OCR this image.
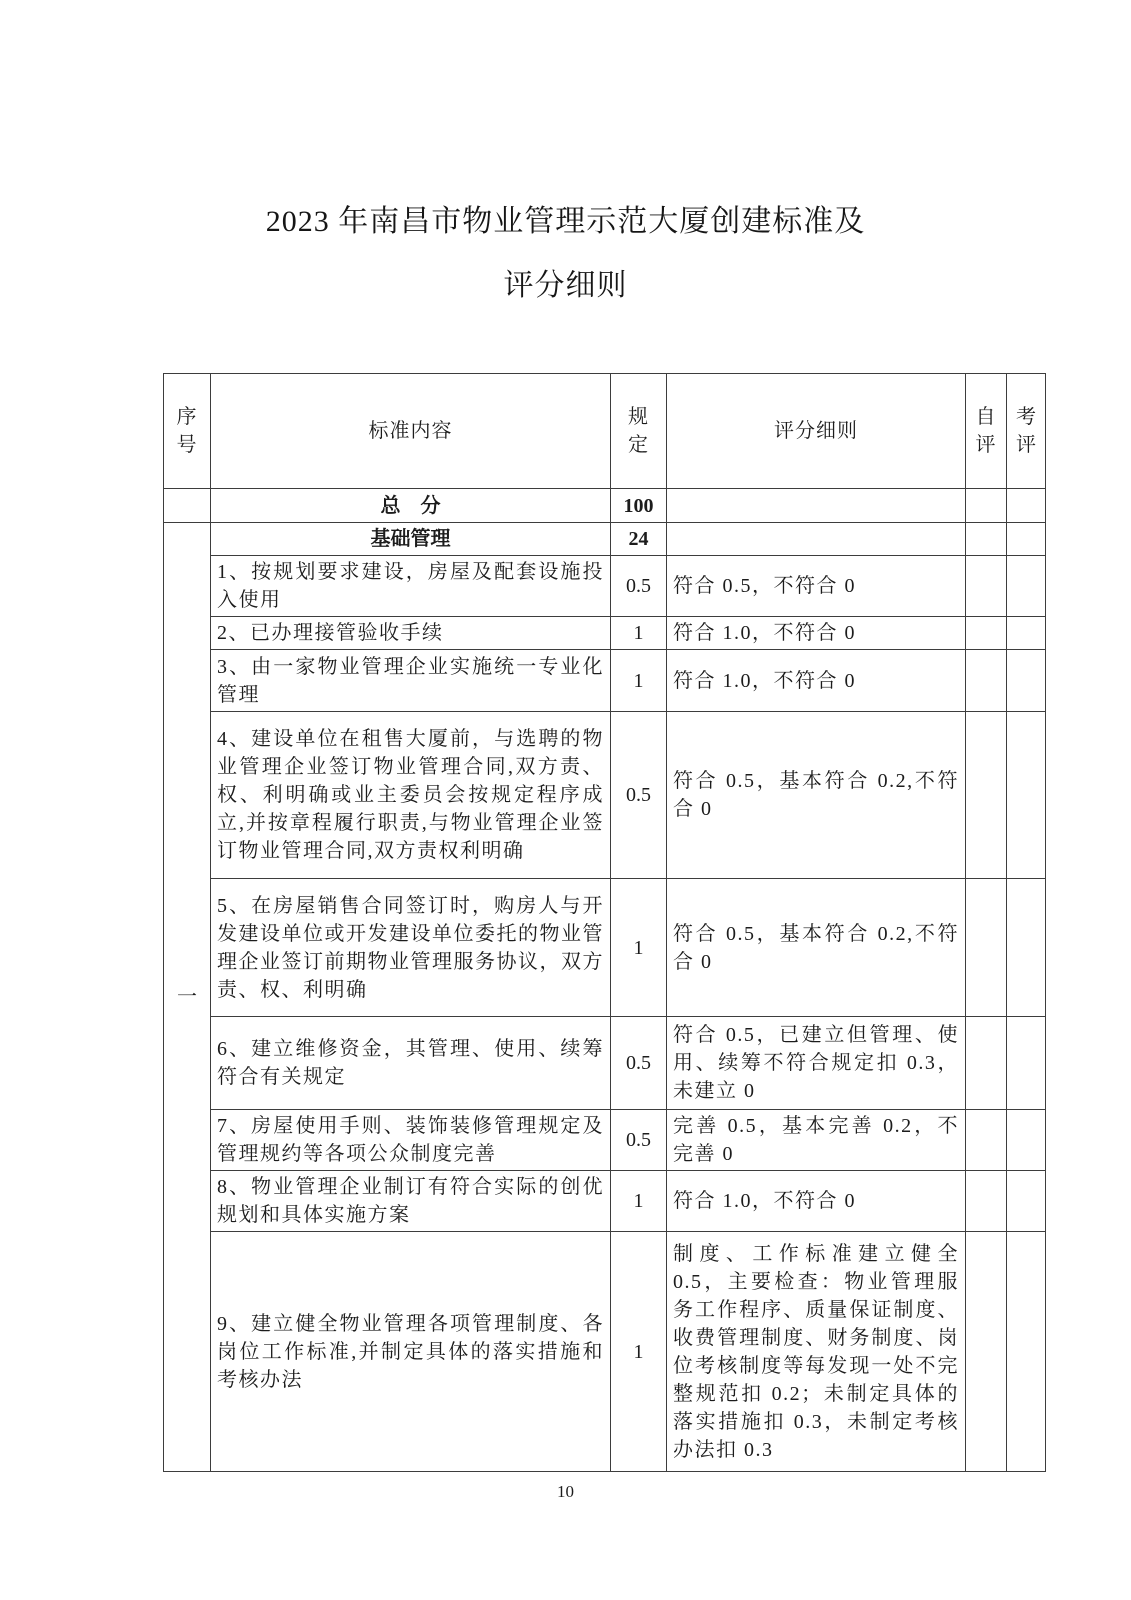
2023 年南昌市物业管理示范大厦创建标准及
评分细则
序号	标准内容	规定	评分细则	自评	考评
	总　分	100			
一	基础管理	24			
	1、按规划要求建设，房屋及配套设施投入使用	0.5	符合 0.5，不符合 0		
	2、已办理接管验收手续	1	符合 1.0，不符合 0		
	3、由一家物业管理企业实施统一专业化管理	1	符合 1.0，不符合 0		
	4、建设单位在租售大厦前，与选聘的物业管理企业签订物业管理合同,双方责、权、利明确或业主委员会按规定程序成立,并按章程履行职责,与物业管理企业签订物业管理合同,双方责权利明确	0.5	符合 0.5，基本符合 0.2,不符合 0		
	5、在房屋销售合同签订时，购房人与开发建设单位或开发建设单位委托的物业管理企业签订前期物业管理服务协议，双方责、权、利明确	1	符合 0.5，基本符合 0.2,不符合 0		
	6、建立维修资金，其管理、使用、续筹符合有关规定	0.5	符合 0.5，已建立但管理、使用、续筹不符合规定扣 0.3，未建立 0		
	7、房屋使用手则、装饰装修管理规定及管理规约等各项公众制度完善	0.5	完善 0.5，基本完善 0.2，不完善 0		
	8、物业管理企业制订有符合实际的创优规划和具体实施方案	1	符合 1.0，不符合 0		
	9、建立健全物业管理各项管理制度、各岗位工作标准,并制定具体的落实措施和考核办法	1	制度、工作标准建立健全 0.5，主要检查：物业管理服务工作程序、质量保证制度、收费管理制度、财务制度、岗位考核制度等每发现一处不完整规范扣 0.2；未制定具体的落实措施扣 0.3，未制定考核办法扣 0.3		
10
